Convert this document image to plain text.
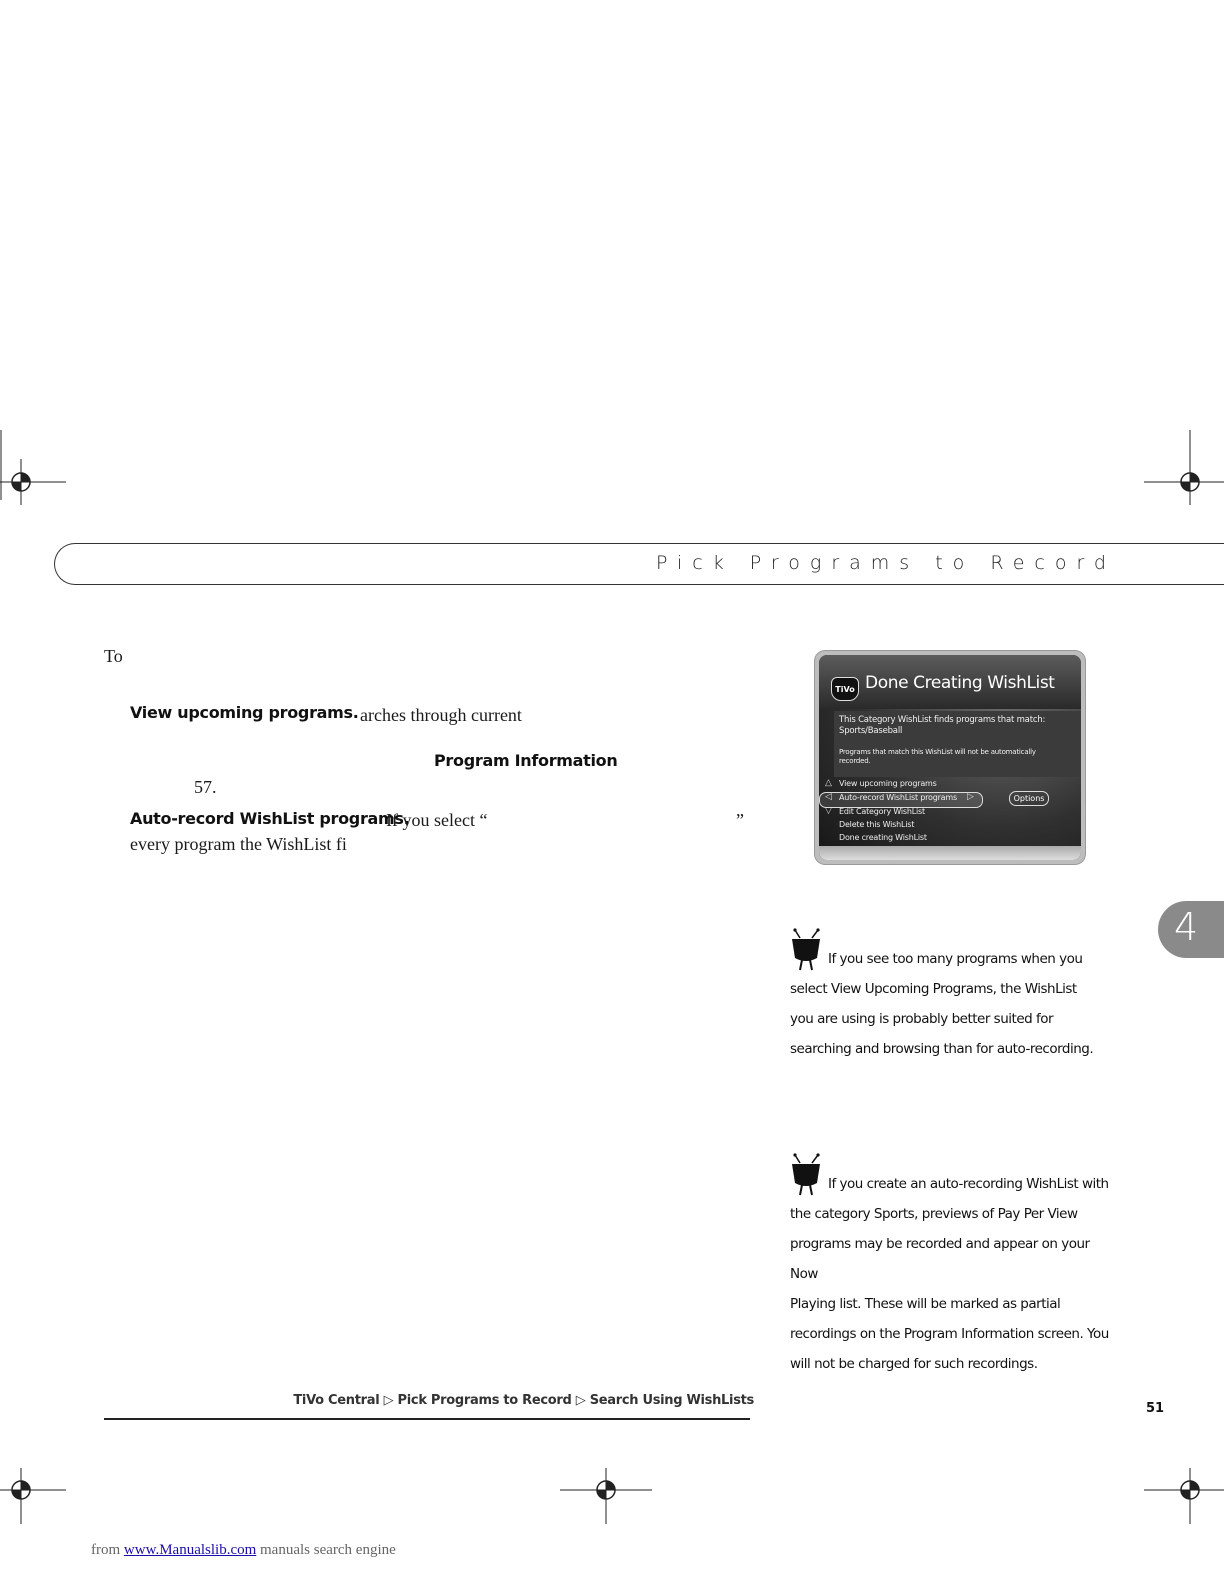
Pick Programs to Record
To
View upcoming programs. arches through current
Program Information
57.
Auto-record WishList programs.
If you select “	”
every program the WishList fi
TiVo Done Creating WishList
This Category WishList finds programs that match:
Sports/Baseball
Programs that match this WishList will not be automatically recorded.
△
◁
▽
▷
View upcoming programs
Auto-record WishList programs
Edit Category WishList
Delete this WishList
Done creating WishList
Options
4
If you see too many programs when you
select View Upcoming Programs, the WishList
you are using is probably better suited for
searching and browsing than for auto-recording.
If you create an auto-recording WishList with
the category Sports, previews of Pay Per View
programs may be recorded and appear on your Now
Playing list. These will be marked as partial
recordings on the Program Information screen. You
will not be charged for such recordings.
TiVo Central ▷ Pick Programs to Record ▷ Search Using WishLists
51
from www.Manualslib.com manuals search engine
